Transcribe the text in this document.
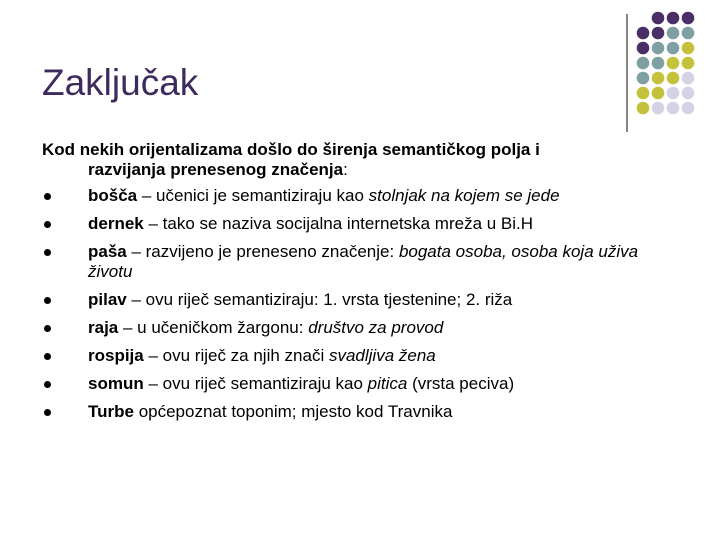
Zaključak

Kod nekih orijentalizama došlo do širenja semantičkog polja i
razvijanja prenesenog značenja:

bošča – učenici je semantiziraju kao stolnjak na kojem se jede
dernek – tako se naziva socijalna internetska mreža u Bi.H
paša – razvijeno je preneseno značenje: bogata osoba, osoba koja uživa životu
pilav – ovu riječ semantiziraju: 1. vrsta tjestenine; 2. riža
raja – u učeničkom žargonu: društvo za provod
rospija – ovu riječ za njih znači svadljiva žena
somun – ovu riječ semantiziraju kao pitica (vrsta peciva)
Turbe općepoznat toponim; mjesto kod Travnika
